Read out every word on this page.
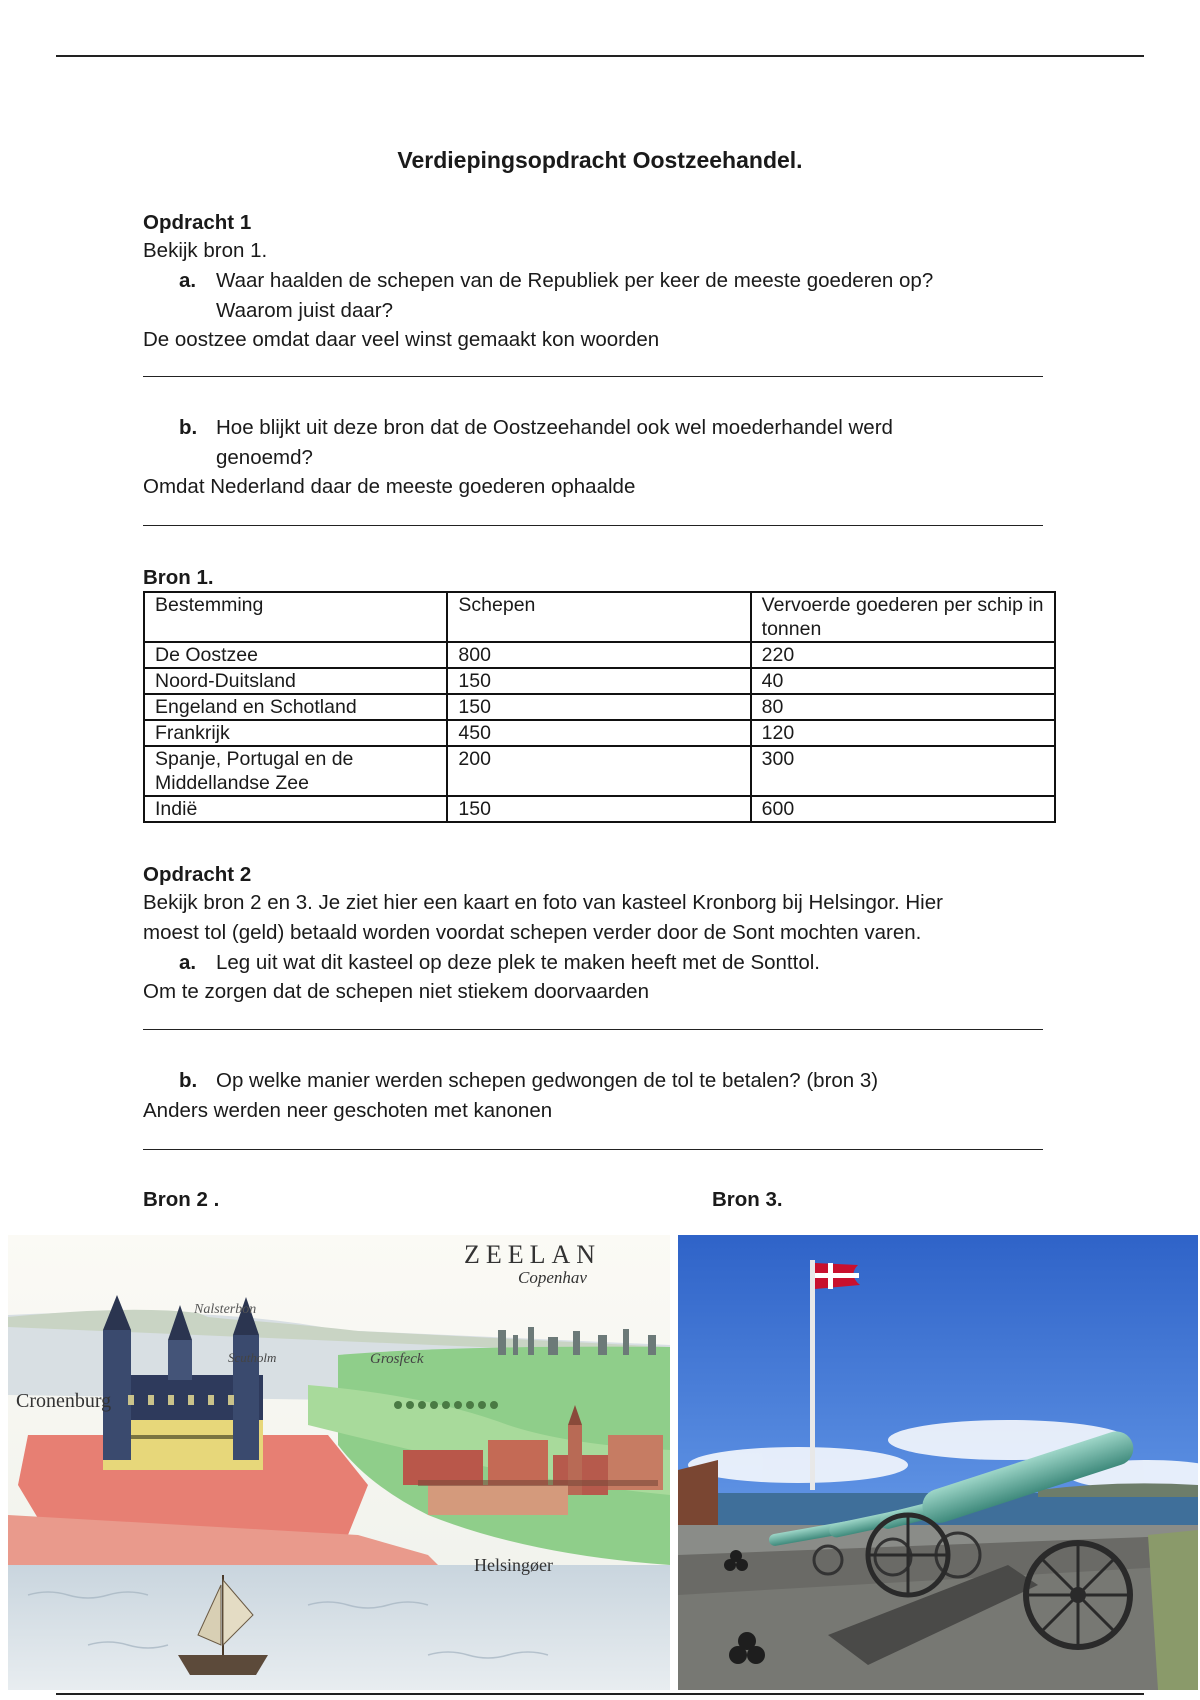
Verdiepingsopdracht Oostzeehandel.
Opdracht 1
Bekijk bron 1.
a. Waar haalden de schepen van de Republiek per keer de meeste goederen op?
Waarom juist daar?
De oostzee omdat daar veel winst gemaakt kon woorden
b. Hoe blijkt uit deze bron dat de Oostzeehandel ook wel moederhandel werd
genoemd?
Omdat Nederland daar de meeste goederen ophaalde
Bron 1.
Bestemming	Schepen	Vervoerde goederen per schip in tonnen
De Oostzee	800	220
Noord-Duitsland	150	40
Engeland en Schotland	150	80
Frankrijk	450	120
Spanje, Portugal en de Middellandse Zee	200	300
Indië	150	600
Opdracht 2
Bekijk bron 2 en 3. Je ziet hier een kaart en foto van kasteel Kronborg bij Helsingor. Hier
moest tol (geld) betaald worden voordat schepen verder door de Sont mochten varen.
a. Leg uit wat dit kasteel op deze plek te maken heeft met de Sonttol.
Om te zorgen dat de schepen niet stiekem doorvaarden
b. Op welke manier werden schepen gedwongen de tol te betalen? (bron 3)
Anders werden neer geschoten met kanonen
Bron 2 .	Bron 3.
ZEELAN
Copenhav
Nalsterbon
Scutholm	Grosfeck
Cronenburg
Helsingøer
